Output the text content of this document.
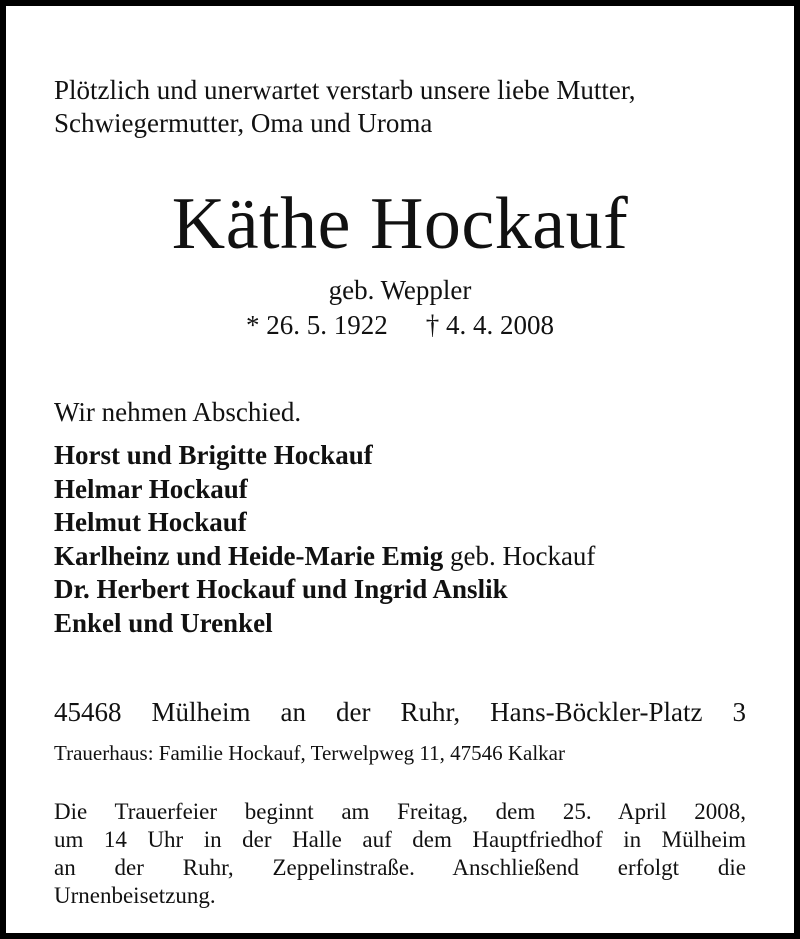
Plötzlich und unerwartet verstarb unsere liebe Mutter,
Schwiegermutter, Oma und Uroma
Käthe Hockauf
geb. Weppler
* 26. 5. 1922 † 4. 4. 2008
Wir nehmen Abschied.
Horst und Brigitte Hockauf
Helmar Hockauf
Helmut Hockauf
Karlheinz und Heide-Marie Emig geb. Hockauf
Dr. Herbert Hockauf und Ingrid Anslik
Enkel und Urenkel
45468 Mülheim an der Ruhr, Hans-Böckler-Platz 3
Trauerhaus: Familie Hockauf, Terwelpweg 11, 47546 Kalkar
Die Trauerfeier beginnt am Freitag, dem 25. April 2008,
um 14 Uhr in der Halle auf dem Hauptfriedhof in Mülheim
an der Ruhr, Zeppelinstraße. Anschließend erfolgt die
Urnenbeisetzung.
